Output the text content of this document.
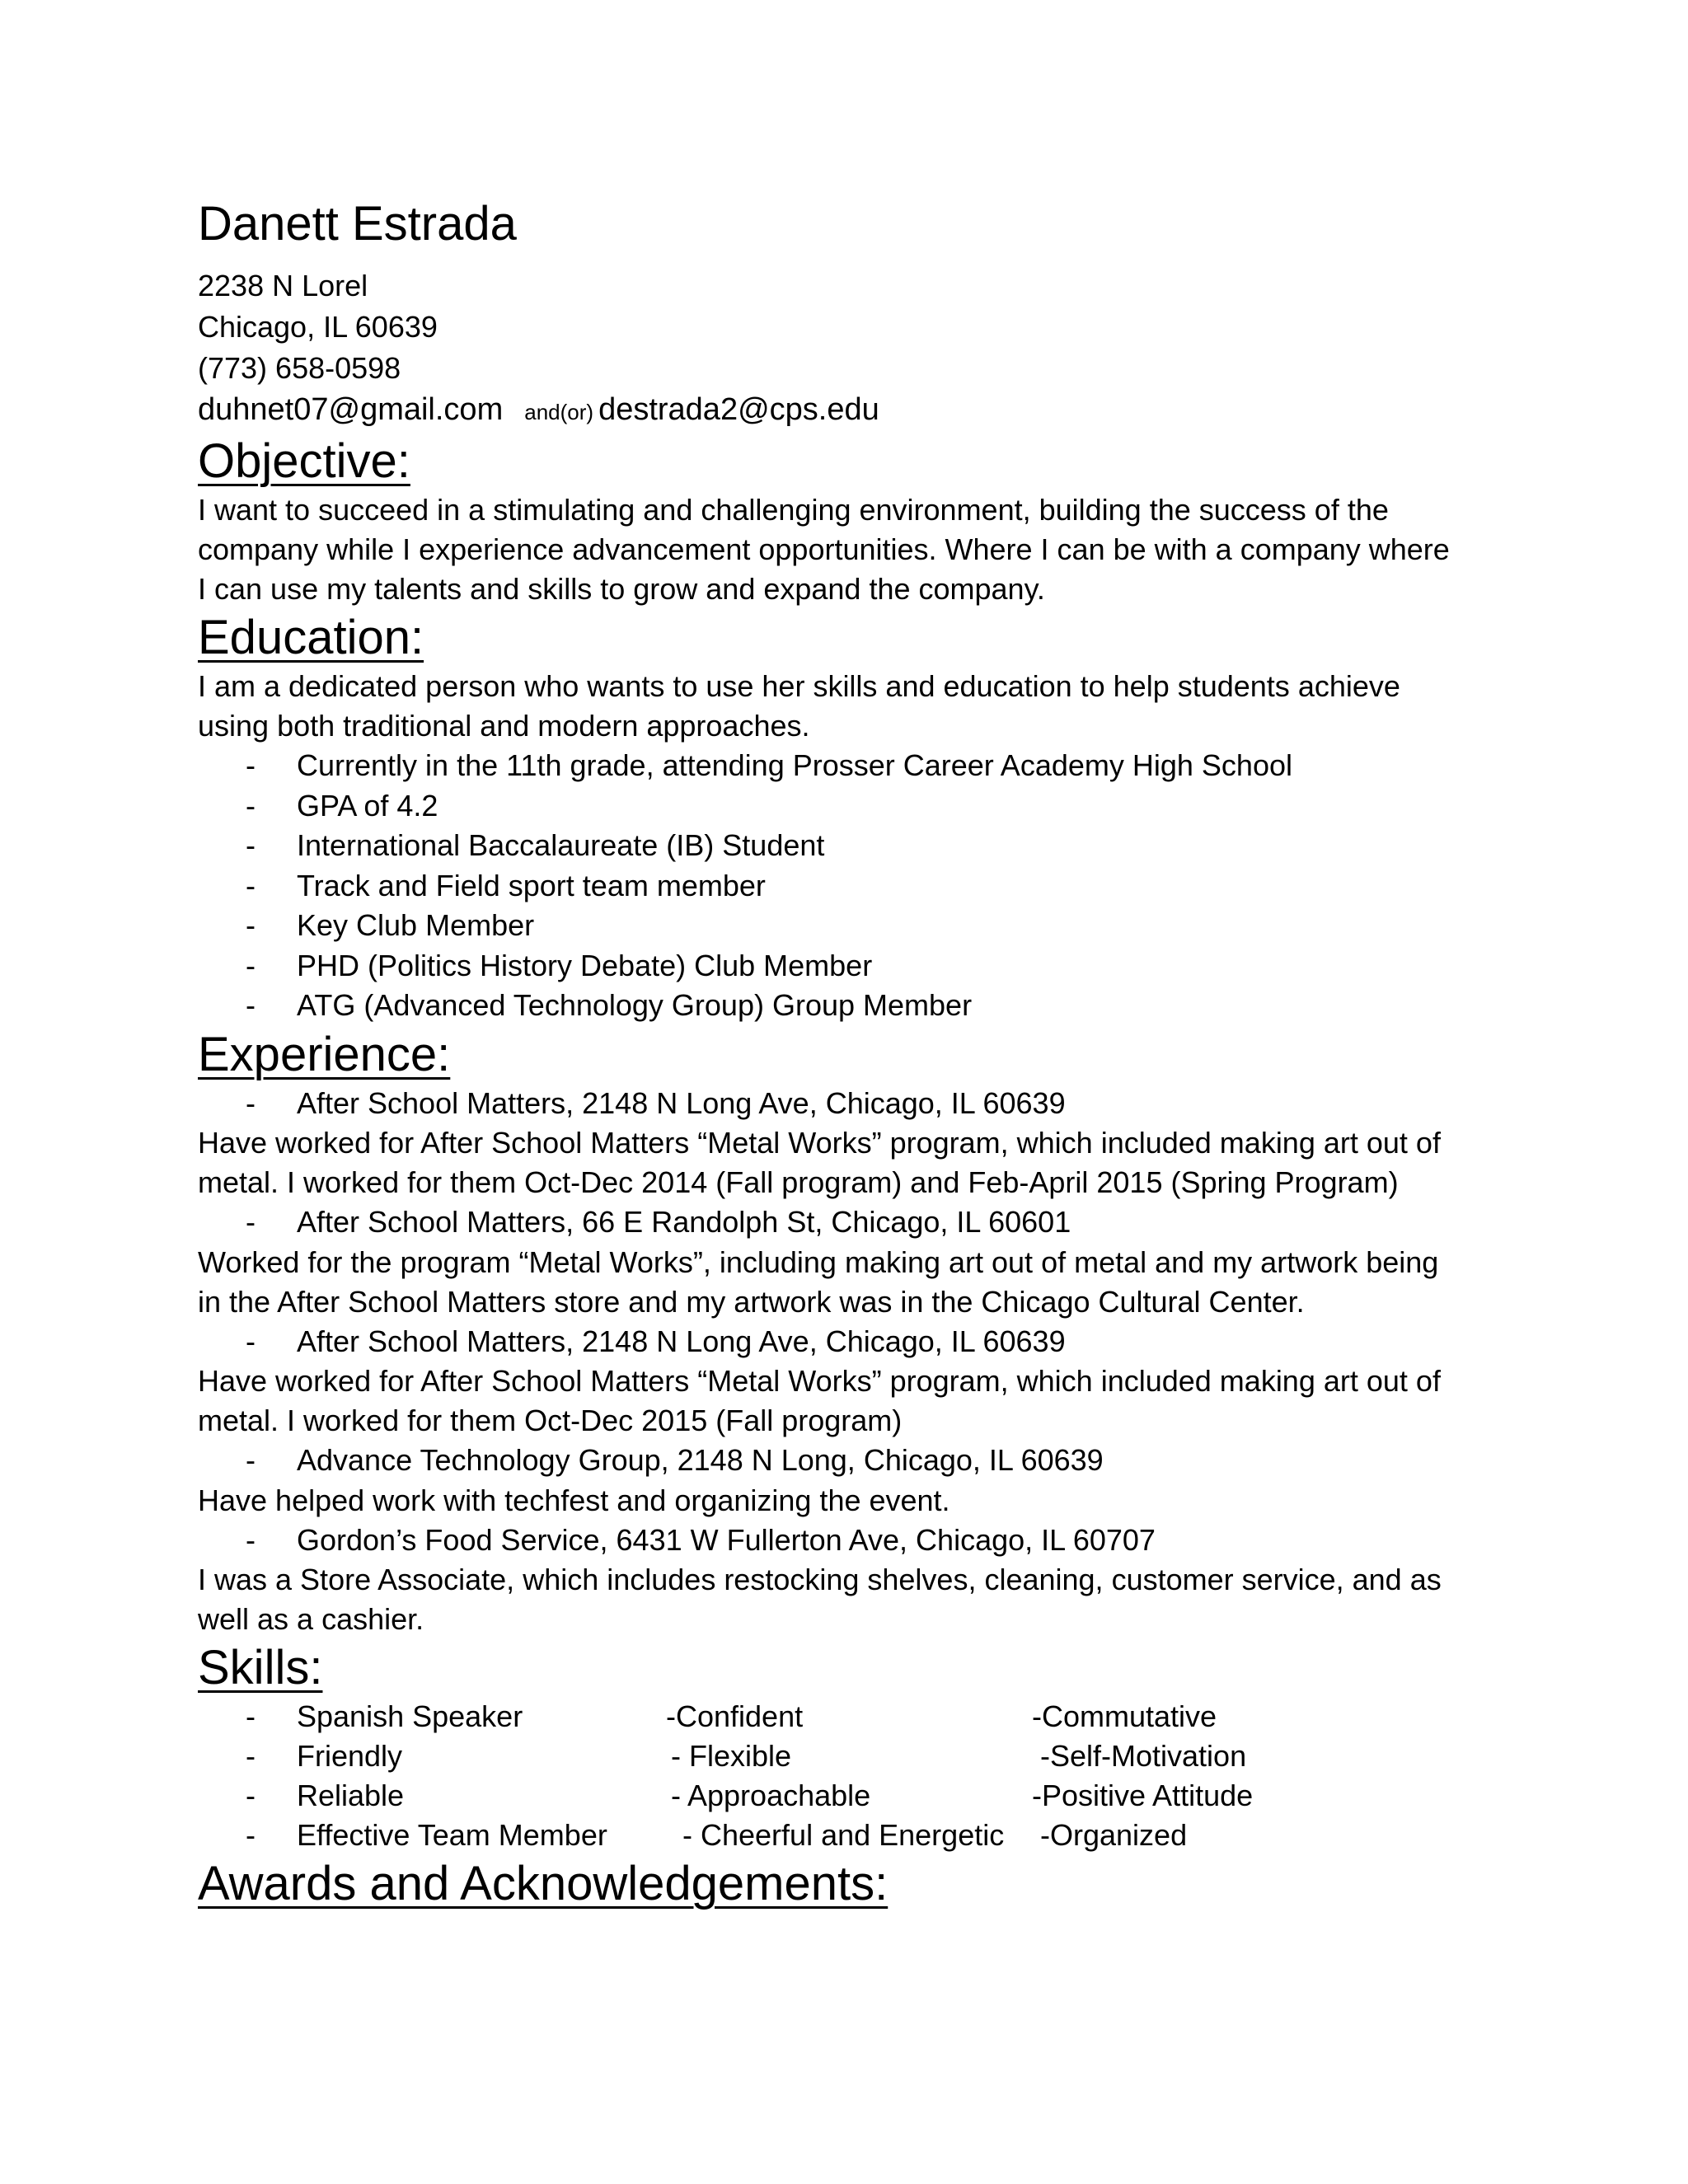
Danett Estrada
2238 N Lorel
Chicago, IL 60639
(773) 658-0598
duhnet07@gmail.com and(or) destrada2@cps.edu
Objective:
I want to succeed in a stimulating and challenging environment, building the success of the
company while I experience advancement opportunities. Where I can be with a company where
I can use my talents and skills to grow and expand the company.
Education:
I am a dedicated person who wants to use her skills and education to help students achieve
using both traditional and modern approaches.
- Currently in the 11th grade, attending Prosser Career Academy High School
- GPA of 4.2
- International Baccalaureate (IB) Student
- Track and Field sport team member
- Key Club Member
- PHD (Politics History Debate) Club Member
- ATG (Advanced Technology Group) Group Member
Experience:
- After School Matters, 2148 N Long Ave, Chicago, IL 60639
Have worked for After School Matters “Metal Works” program, which included making art out of
metal. I worked for them Oct-Dec 2014 (Fall program) and Feb-April 2015 (Spring Program)
- After School Matters, 66 E Randolph St, Chicago, IL 60601
Worked for the program “Metal Works”, including making art out of metal and my artwork being
in the After School Matters store and my artwork was in the Chicago Cultural Center.
- After School Matters, 2148 N Long Ave, Chicago, IL 60639
Have worked for After School Matters “Metal Works” program, which included making art out of
metal. I worked for them Oct-Dec 2015 (Fall program)
- Advance Technology Group, 2148 N Long, Chicago, IL 60639
Have helped work with techfest and organizing the event.
- Gordon’s Food Service, 6431 W Fullerton Ave, Chicago, IL 60707
I was a Store Associate, which includes restocking shelves, cleaning, customer service, and as
well as a cashier.
Skills:
- Spanish Speaker	-Confident	-Commutative
- Friendly	- Flexible	-Self-Motivation
- Reliable	- Approachable	-Positive Attitude
- Effective Team Member	- Cheerful and Energetic -Organized
Awards and Acknowledgements:
